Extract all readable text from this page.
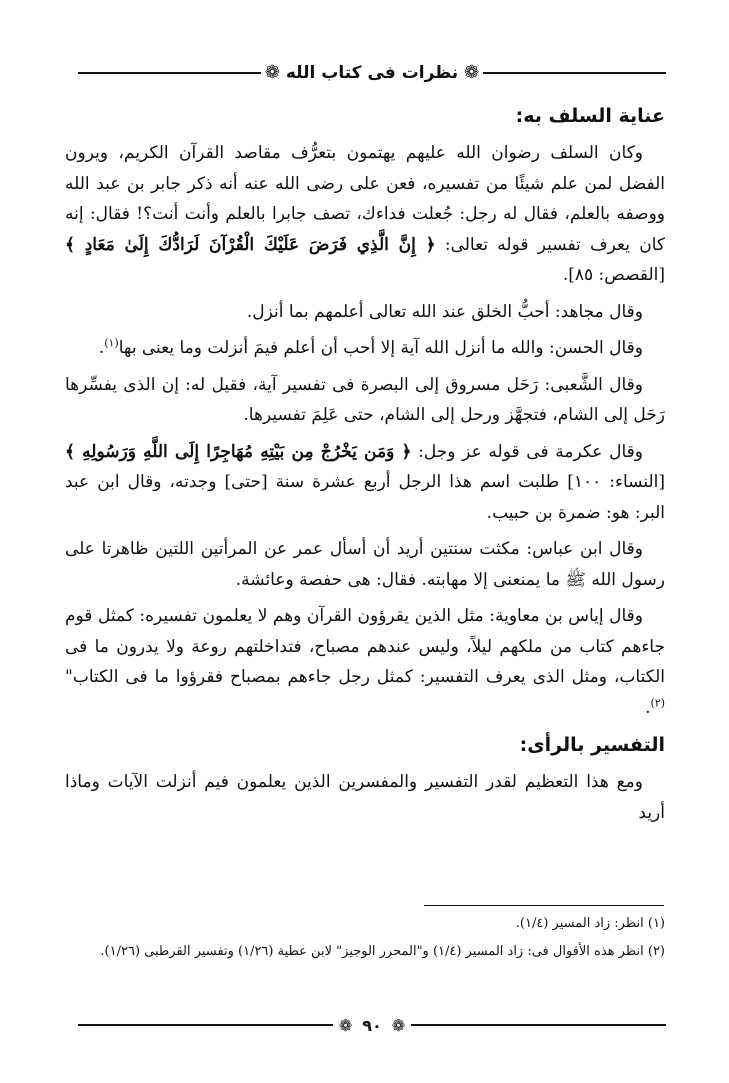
❁
نظرات فى كتاب الله
❁
عناية السلف به:

وكان السلف رضوان الله عليهم يهتمون بتعرُّف مقاصد القرآن الكريم، ويرون الفضل لمن علم شيئًا من تفسيره، فعن على رضى الله عنه أنه ذكر جابر بن عبد الله ووصفه بالعلم، فقال له رجل: جُعلت فداءك، تصف جابرا بالعلم وأنت أنت؟! فقال: إنه كان يعرف تفسير قوله تعالى: ﴿ إِنَّ الَّذِي فَرَضَ عَلَيْكَ الْقُرْآنَ لَرَادُّكَ إِلَىٰ مَعَادٍ ﴾ [القصص: ٨٥].

وقال مجاهد: أحبُّ الخلق عند الله تعالى أعلمهم بما أنزل.

وقال الحسن: والله ما أنزل الله آية إلا أحب أن أعلم فيمَ أنزلت وما يعنى بها$^{(١)}$.

وقال الشَّعبى: رَحَل مسروق إلى البصرة فى تفسير آية، فقيل له: إن الذى يفسِّرها رَحَل إلى الشام، فتجهَّز ورحل إلى الشام، حتى عَلِمَ تفسيرها.

وقال عكرمة فى قوله عز وجل: ﴿ وَمَن يَخْرُجْ مِن بَيْتِهِ مُهَاجِرًا إِلَى اللَّهِ وَرَسُولِهِ ﴾ [النساء: ١٠٠] طلبت اسم هذا الرجل أربع عشرة سنة [حتى] وجدته، وقال ابن عبد البر: هو: ضمرة بن حبيب.

وقال ابن عباس: مكثت سنتين أريد أن أسأل عمر عن المرأتين اللتين ظاهرتا على رسول الله ﷺ ما يمنعنى إلا مهابته. فقال: هى حفصة وعائشة.

وقال إياس بن معاوية: مثل الذين يقرؤون القرآن وهم لا يعلمون تفسيره: كمثل قوم جاءهم كتاب من ملكهم ليلاً، وليس عندهم مصباح، فتداخلتهم روعة ولا يدرون ما فى الكتاب، ومثل الذى يعرف التفسير: كمثل رجل جاءهم بمصباح فقرؤوا ما فى الكتاب"$^{(٢)}$.

التفسير بالرأى:

ومع هذا التعظيم لقدر التفسير والمفسرين الذين يعلمون فيم أنزلت الآيات وماذا أريد

(١) انظر: زاد المسير (١/٤).

(٢) انظر هذه الأقوال فى: زاد المسير (١/٤) و"المحرر الوجيز" لابن عطية (١/٢٦) وتفسير القرطبى (١/٢٦).

❁
٩٠
❁
